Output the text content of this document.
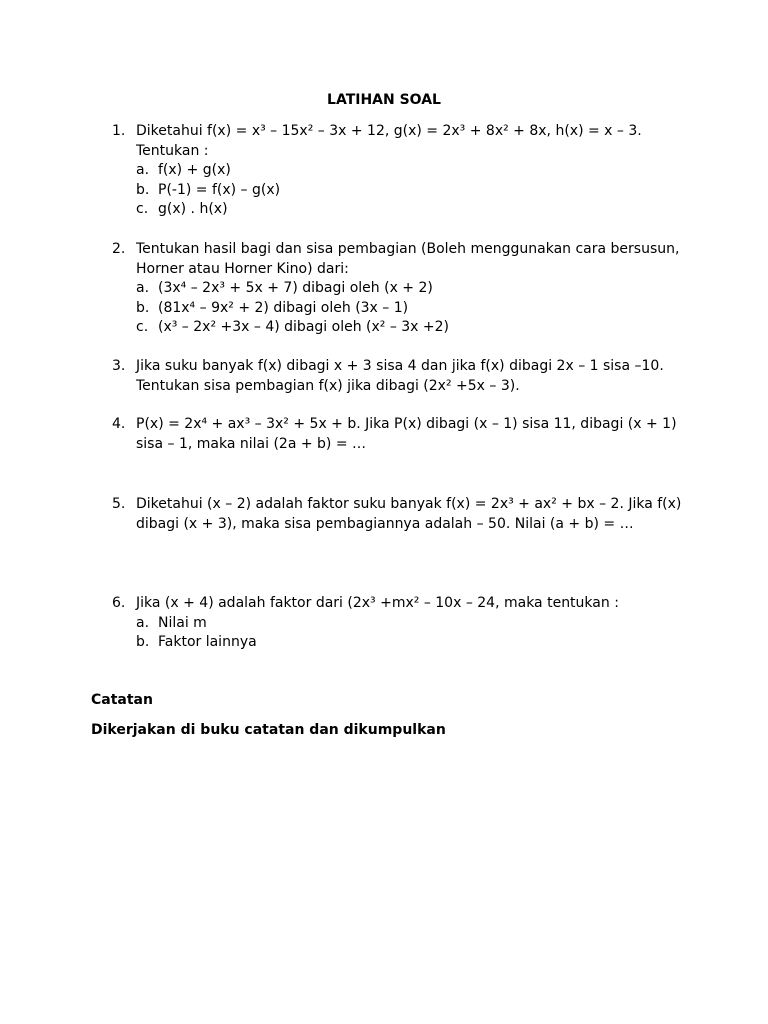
LATIHAN SOAL
1. Diketahui f(x) = x³ – 15x² – 3x + 12, g(x) = 2x³ + 8x² + 8x, h(x) = x – 3. Tentukan :
a. f(x) + g(x)
b. P(-1) = f(x) – g(x)
c. g(x) . h(x)
2. Tentukan hasil bagi dan sisa pembagian (Boleh menggunakan cara bersusun, Horner atau Horner Kino) dari:
a. (3x⁴ – 2x³ + 5x + 7) dibagi oleh (x + 2)
b. (81x⁴ – 9x² + 2) dibagi oleh (3x – 1)
c. (x³ – 2x² +3x – 4) dibagi oleh (x² – 3x +2)
3. Jika suku banyak f(x) dibagi x + 3 sisa 4 dan jika f(x) dibagi 2x – 1 sisa –10. Tentukan sisa pembagian f(x) jika dibagi (2x² +5x – 3).
4. P(x) = 2x⁴ + ax³ – 3x² + 5x + b. Jika P(x) dibagi (x – 1) sisa 11, dibagi (x + 1) sisa – 1, maka nilai (2a + b) = …
5. Diketahui (x – 2) adalah faktor suku banyak f(x) = 2x³ + ax² + bx – 2. Jika f(x) dibagi (x + 3), maka sisa pembagiannya adalah – 50. Nilai (a + b) = …
6. Jika (x + 4) adalah faktor dari (2x³ +mx² – 10x – 24, maka tentukan :
a. Nilai m
b. Faktor lainnya
Catatan
Dikerjakan di buku catatan dan dikumpulkan
